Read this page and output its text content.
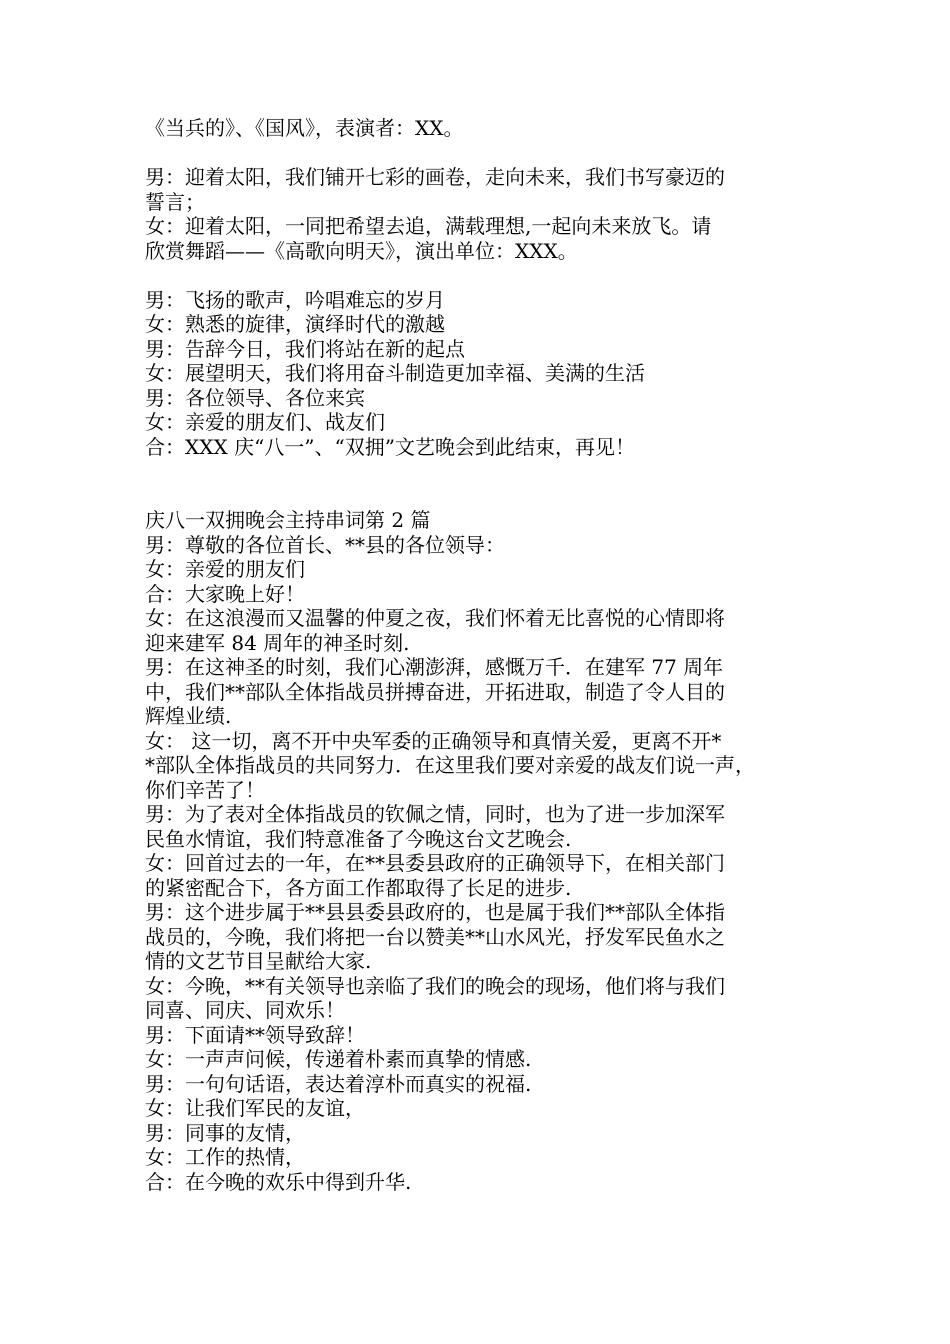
《当兵的》、《国风》，表演者：XX。
男：迎着太阳，我们铺开七彩的画卷，走向未来，我们书写豪迈的
誓言；
女：迎着太阳，一同把希望去追，满载理想,一起向未来放飞。请
欣赏舞蹈——《高歌向明天》，演出单位：XXX。
男：飞扬的歌声，吟唱难忘的岁月
女：熟悉的旋律，演绎时代的激越
男：告辞今日，我们将站在新的起点
女：展望明天，我们将用奋斗制造更加幸福、美满的生活
男：各位领导、各位来宾
女：亲爱的朋友们、战友们
合：XXX 庆“八一”、“双拥”文艺晚会到此结束，再见！
庆八一双拥晚会主持串词第 2 篇
男：尊敬的各位首长、**县的各位领导：
女：亲爱的朋友们
合：大家晚上好！
女：在这浪漫而又温馨的仲夏之夜，我们怀着无比喜悦的心情即将
迎来建军 84 周年的神圣时刻.
男：在这神圣的时刻，我们心潮澎湃，感慨万千．在建军 77 周年
中，我们**部队全体指战员拼搏奋进，开拓进取，制造了令人目的
辉煌业绩.
女： 这一切，离不开中央军委的正确领导和真情关爱，更离不开*
*部队全体指战员的共同努力．在这里我们要对亲爱的战友们说一声，
你们辛苦了！
男：为了表对全体指战员的钦佩之情，同时，也为了进一步加深军
民鱼水情谊，我们特意准备了今晚这台文艺晚会.
女：回首过去的一年，在**县委县政府的正确领导下，在相关部门
的紧密配合下，各方面工作都取得了长足的进步.
男：这个进步属于**县县委县政府的，也是属于我们**部队全体指
战员的，今晚，我们将把一台以赞美**山水风光，抒发军民鱼水之
情的文艺节目呈献给大家.
女：今晚，**有关领导也亲临了我们的晚会的现场，他们将与我们
同喜、同庆、同欢乐！
男：下面请**领导致辞！
女：一声声问候，传递着朴素而真挚的情感.
男：一句句话语，表达着淳朴而真实的祝福.
女：让我们军民的友谊，
男：同事的友情，
女：工作的热情，
合：在今晚的欢乐中得到升华.
